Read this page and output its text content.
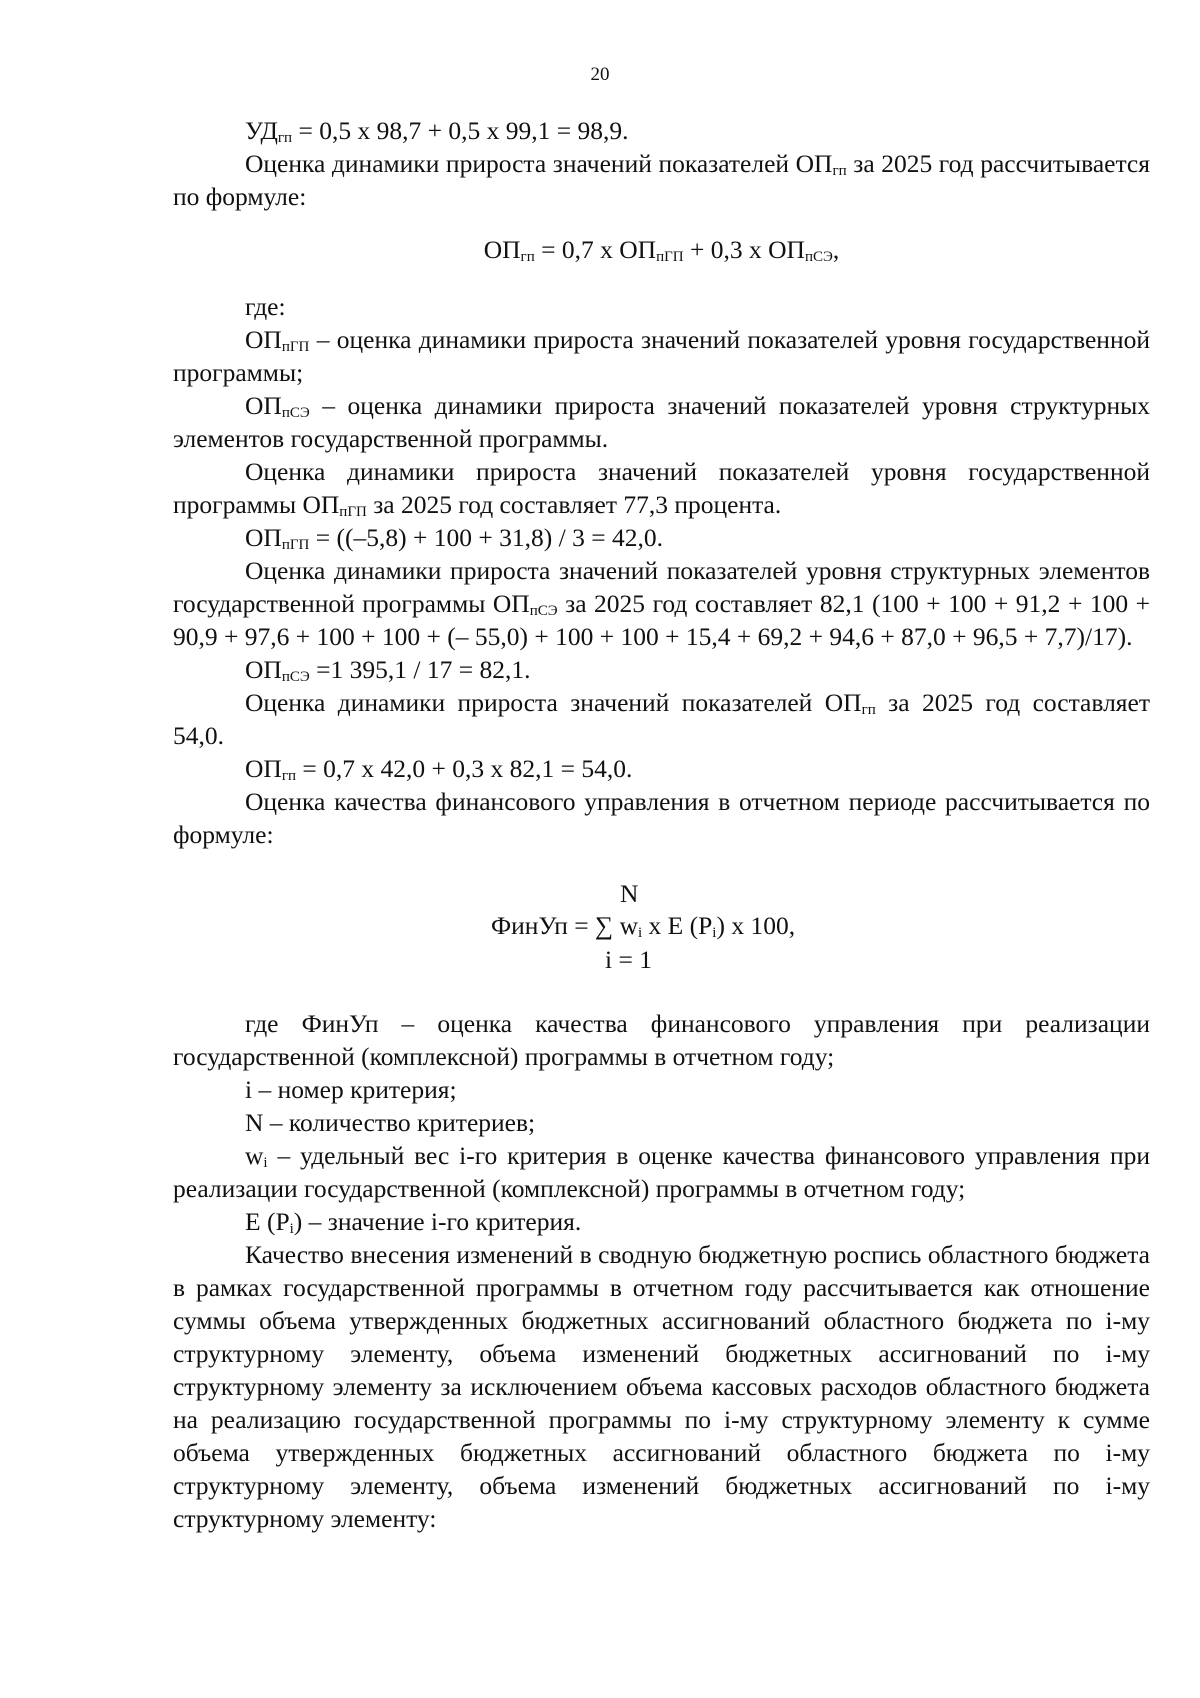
20

$УД_{гп} = 0,5$ х 98,7 + 0,5 х 99,1 = 98,9.

Оценка динамики прироста значений показателей $ОП_{гп}$ за 2025 год рассчитывается по формуле:

$ОП_{гп} = 0,7$ х $ОП_{пГП} + 0,3$ х $ОП_{пСЭ}$,

где:

$ОП_{пГП}$ – оценка динамики прироста значений показателей уровня государственной программы;

$ОП_{пСЭ}$ – оценка динамики прироста значений показателей уровня структурных элементов государственной программы.

Оценка динамики прироста значений показателей уровня государственной программы $ОП_{пГП}$ за 2025 год составляет 77,3 процента.

$ОП_{пГП} = ((-5,8) + 100 + 31,8) / 3 = 42,0$.

Оценка динамики прироста значений показателей уровня структурных элементов государственной программы $ОП_{пСЭ}$ за 2025 год составляет 82,1 (100 + 100 + 91,2 + 100 + 90,9 + 97,6 + 100 + 100 + (– 55,0) + 100 + 100 + 15,4 + 69,2 + 94,6 + 87,0 + 96,5 + 7,7)/17).

$ОП_{пСЭ} =1$ 395,1 / 17 = 82,1.

Оценка динамики прироста значений показателей $ОП_{гп}$ за 2025 год составляет 54,0.

$ОП_{гп} = 0,7$ х 42,0 + 0,3 х 82,1 = 54,0.

Оценка качества финансового управления в отчетном периоде рассчитывается по формуле:

N
ФинУп = ∑ $w_i$ х Е $(Р_i)$ х 100,
i = 1

где ФинУп – оценка качества финансового управления при реализации государственной (комплексной) программы в отчетном году;

i – номер критерия;

N – количество критериев;

$w_i$ – удельный вес i-го критерия в оценке качества финансового управления при реализации государственной (комплексной) программы в отчетном году;

Е $(Р_i)$ – значение i-го критерия.

Качество внесения изменений в сводную бюджетную роспись областного бюджета в рамках государственной программы в отчетном году рассчитывается как отношение суммы объема утвержденных бюджетных ассигнований областного бюджета по i-му структурному элементу, объема изменений бюджетных ассигнований по i-му структурному элементу за исключением объема кассовых расходов областного бюджета на реализацию государственной программы по i-му структурному элементу к сумме объема утвержденных бюджетных ассигнований областного бюджета по i-му структурному элементу, объема изменений бюджетных ассигнований по i-му структурному элементу:
